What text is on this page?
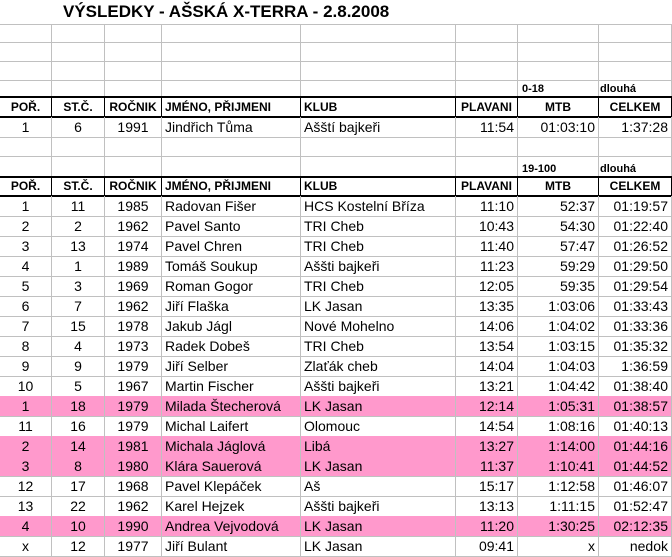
VÝSLEDKY - AŠSKÁ X-TERRA - 2.8.2008
0-18	dlouhá
POŘ.	ST.Č.	ROČNIK JMÉNO, PŘIJMENI	KLUB	PLAVANI	MTB	CELKEM
1	6	1991	Jindřich Tůma	Ašští bajkeři	11:54	01:03:10	1:37:28
19-100	dlouhá
POŘ.	ST.Č.	ROČNIK JMÉNO, PŘIJMENI	KLUB	PLAVANI	MTB	CELKEM
1	11	1985	Radovan Fišer	HCS Kostelní Bříza	11:10	52:37	01:19:57
2	2	1962	Pavel Santo	TRI Cheb	10:43	54:30	01:22:40
3	13	1974	Pavel Chren	TRI Cheb	11:40	57:47	01:26:52
4	1	1989	Tomáš Soukup	Aššti bajkeři	11:23	59:29	01:29:50
5	3	1969	Roman Gogor	TRI Cheb	12:05	59:35	01:29:54
6	7	1962	Jiří Flaška	LK Jasan	13:35	1:03:06	01:33:43
7	15	1978	Jakub Jágl	Nové Mohelno	14:06	1:04:02	01:33:36
8	4	1973	Radek Dobeš	TRI Cheb	13:54	1:03:15	01:35:32
9	9	1979	Jiří Selber	Zlaťák cheb	14:04	1:04:03	1:36:59
10	5	1967	Martin Fischer	Aššti bajkeři	13:21	1:04:42	01:38:40
1	18	1979	Milada Štecherová	LK Jasan	12:14	1:05:31	01:38:57
11	16	1979	Michal Laifert	Olomouc	14:54	1:08:16	01:40:13
2	14	1981	Michala Jáglová	Libá	13:27	1:14:00	01:44:16
3	8	1980	Klára Sauerová	LK Jasan	11:37	1:10:41	01:44:52
12	17	1968	Pavel Klepáček	Aš	15:17	1:12:58	01:46:07
13	22	1962	Karel Hejzek	Aššti bajkeři	13:13	1:11:15	01:52:47
4	10	1990	Andrea Vejvodová	LK Jasan	11:20	1:30:25	02:12:35
x	12	1977	Jiří Bulant	LK Jasan	09:41	x	nedok
